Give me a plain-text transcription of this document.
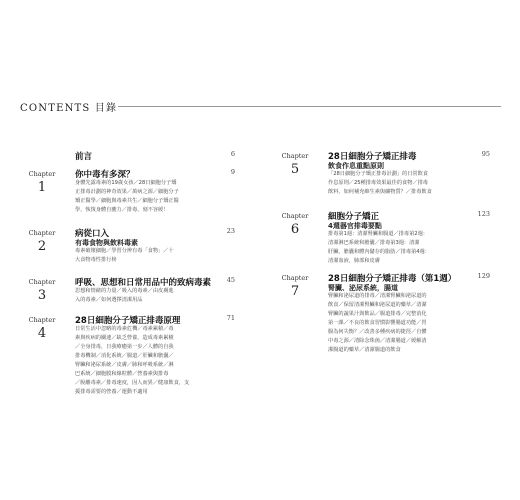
CONTENTS 目錄
前言	6
Chapter
1
你中毒有多深？	9
身體先露毒素的19歲女孩／28日細胞分子矯
正排毒計劃的神奇效果／萬病之源／細胞分子
矯正醫學／細胞與毒素共生／細胞分子矯正醫
學，恢復身體自癒力／排毒，刻不容緩！
Chapter
2
病從口入	23
有毒食物與飲料毒素
毒素破壞細胞／學習分辨有毒「食物」／十
大食物毒性排行榜
Chapter
3
呼吸、思想和日常用品中的致病毒素 45
思想和情緒的力量／吸入的毒素／由皮膚進
入的毒素／如何選擇清潔用品
Chapter
4
28日細胞分子矯正排毒原理	71
日常生活中忽略的毒素危機／毒素累積／毒
素與疾病的關連／缺乏營養，造成毒素累積
／全身排毒，日我療癒第一步／人體的自我
排毒機制／消化系統／腸道／肝臟和膽囊／
腎臟和泌尿系統／皮膚／肺和呼吸系統／淋
巴系統／細胞膜和線粒體／營養素與排毒
／脫離毒素／排毒速度，因人而異／健康飲食，支
援排毒需要的營養／運動不適用
Chapter
5
28日細胞分子矯正排毒	95
飲食作息重點原則
「28日細胞分子矯正排毒計劃」的日常飲食
作息原則／25種排毒效果最佳的食物／排毒
飲料，如何補充維生素與礦物質？／排毒飲食
Chapter
6
細胞分子矯正	123
4週器官排毒要點
排毒第1週：清潔腎臟和腸道／排毒第2週：
清潔淋巴系統和膽囊／排毒第3週：清潔
肝臟、膽囊和體內儲存的脂肪／排毒第4週：
清潔血液，肺部和皮膚
Chapter
7
28日細胞分子矯正排毒（第1週）	129
腎臟、泌尿系統，腸道
腎臟和泌尿道的排毒／清潔腎臟和泌尿道的
飲食／保留清潔腎臟和泌尿道的藥草／清潔
腎臟的蔬果汁與飲品／腸道排毒／完整消化
第一課／不良的飲食習慣影響腸道功能／胃
腸為何失衡？／改善多種疾病的捷徑／自體
中毒之源／清除念珠菌／清潔腸道／緩解清
潔腸道的藥草／清潔腸道的飲食
